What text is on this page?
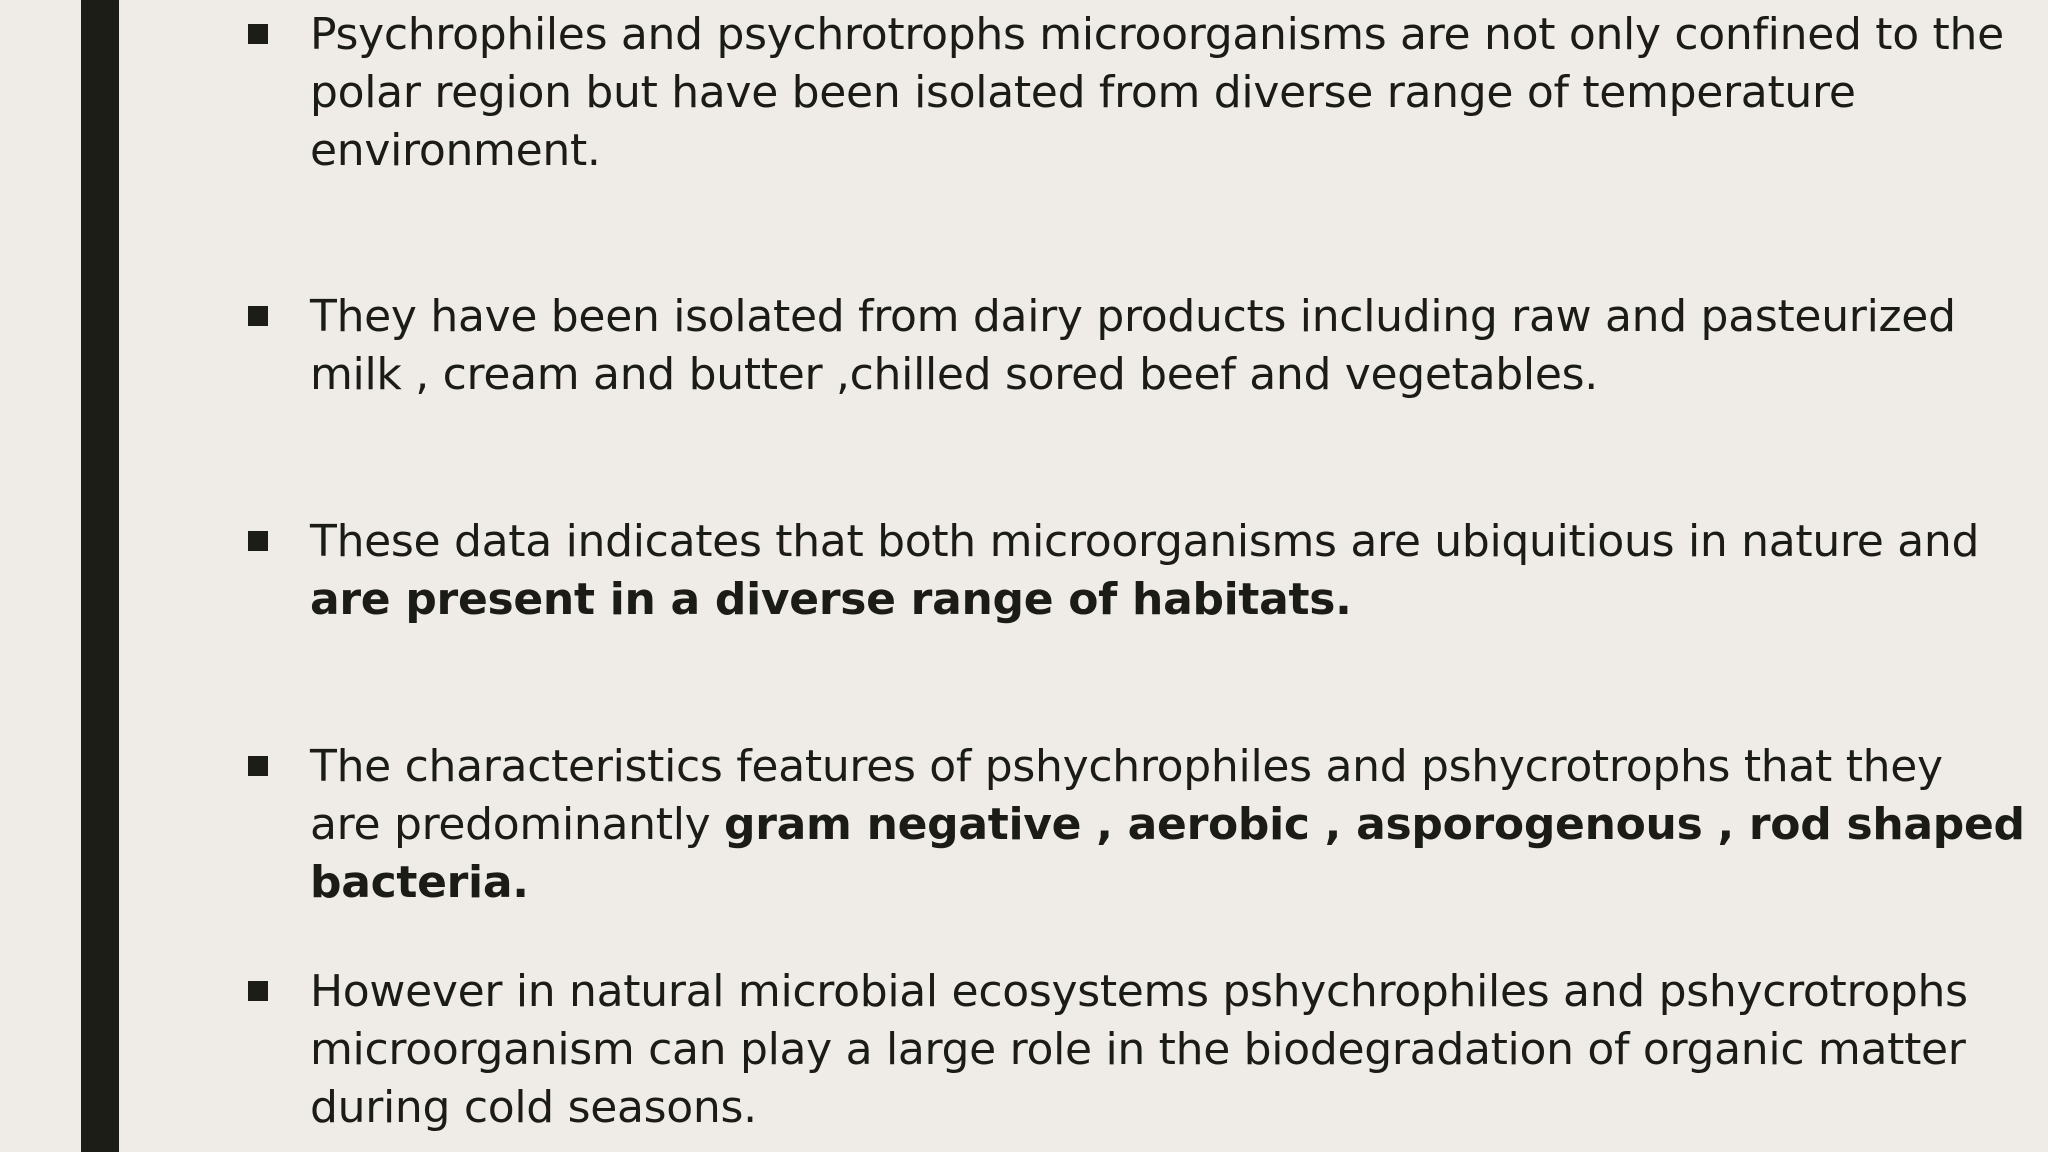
Psychrophiles and psychrotrophs microorganisms are not only confined to the polar region but have been isolated from diverse range of temperature environment.
They have been isolated from dairy products including raw and pasteurized milk , cream and butter ,chilled sored beef and vegetables.
These data indicates that both microorganisms are ubiquitious in nature and are present in a diverse range of habitats.
The characteristics features of pshychrophiles and pshycrotrophs that they are predominantly gram negative , aerobic , asporogenous , rod shaped bacteria.
However in natural microbial ecosystems pshychrophiles and pshycrotrophs microorganism can play a large role in the biodegradation of organic matter during cold seasons.
